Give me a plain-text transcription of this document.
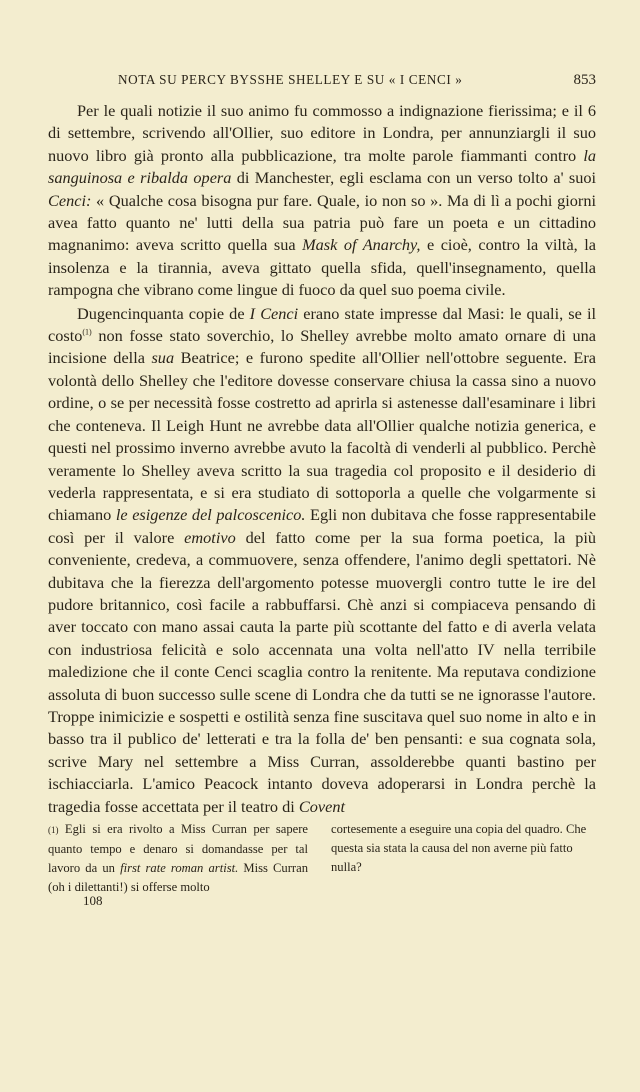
NOTA SU PERCY BYSSHE SHELLEY E SU « I CENCI »	853

Per le quali notizie il suo animo fu commosso a indignazione fierissima; e il 6 di settembre, scrivendo all'Ollier, suo editore in Londra, per annunziargli il suo nuovo libro già pronto alla pubblicazione, tra molte parole fiammanti contro la sanguinosa e ribalda opera di Manchester, egli esclama con un verso tolto a' suoi Cenci: « Qualche cosa bisogna pur fare. Quale, io non so ». Ma di lì a pochi giorni avea fatto quanto ne' lutti della sua patria può fare un poeta e un cittadino magnanimo: aveva scritto quella sua Mask of Anarchy, e cioè, contro la viltà, la insolenza e la tirannia, aveva gittato quella sfida, quell'insegnamento, quella rampogna che vibrano come lingue di fuoco da quel suo poema civile.

Dugencinquanta copie de I Cenci erano state impresse dal Masi: le quali, se il costo$^{(1)}$ non fosse stato soverchio, lo Shelley avrebbe molto amato ornare di una incisione della sua Beatrice; e furono spedite all'Ollier nell'ottobre seguente. Era volontà dello Shelley che l'editore dovesse conservare chiusa la cassa sino a nuovo ordine, o se per necessità fosse costretto ad aprirla si astenesse dall'esaminare i libri che conteneva. Il Leigh Hunt ne avrebbe data all'Ollier qualche notizia generica, e questi nel prossimo inverno avrebbe avuto la facoltà di venderli al pubblico. Perchè veramente lo Shelley aveva scritto la sua tragedia col proposito e il desiderio di vederla rappresentata, e si era studiato di sottoporla a quelle che volgarmente si chiamano le esigenze del palcoscenico. Egli non dubitava che fosse rappresentabile così per il valore emotivo del fatto come per la sua forma poetica, la più conveniente, credeva, a commuovere, senza offendere, l'animo degli spettatori. Nè dubitava che la fierezza dell'argomento potesse muovergli contro tutte le ire del pudore britannico, così facile a rabbuffarsi. Chè anzi si compiaceva pensando di aver toccato con mano assai cauta la parte più scottante del fatto e di averla velata con industriosa felicità e solo accennata una volta nell'atto IV nella terribile maledizione che il conte Cenci scaglia contro la renitente. Ma reputava condizione assoluta di buon successo sulle scene di Londra che da tutti se ne ignorasse l'autore. Troppe inimicizie e sospetti e ostilità senza fine suscitava quel suo nome in alto e in basso tra il publico de' letterati e tra la folla de' ben pensanti: e sua cognata sola, scrive Mary nel settembre a Miss Curran, assolderebbe quanti bastino per ischiacciarla. L'amico Peacock intanto doveva adoperarsi in Londra perchè la tragedia fosse accettata per il teatro di Covent

(1) Egli si era rivolto a Miss Curran per sapere quanto tempo e denaro si domandasse per tal lavoro da un first rate roman artist. Miss Curran (oh i dilettanti!) si offerse molto
cortesemente a eseguire una copia del quadro. Che questa sia stata la causa del non averne più fatto nulla?
108
